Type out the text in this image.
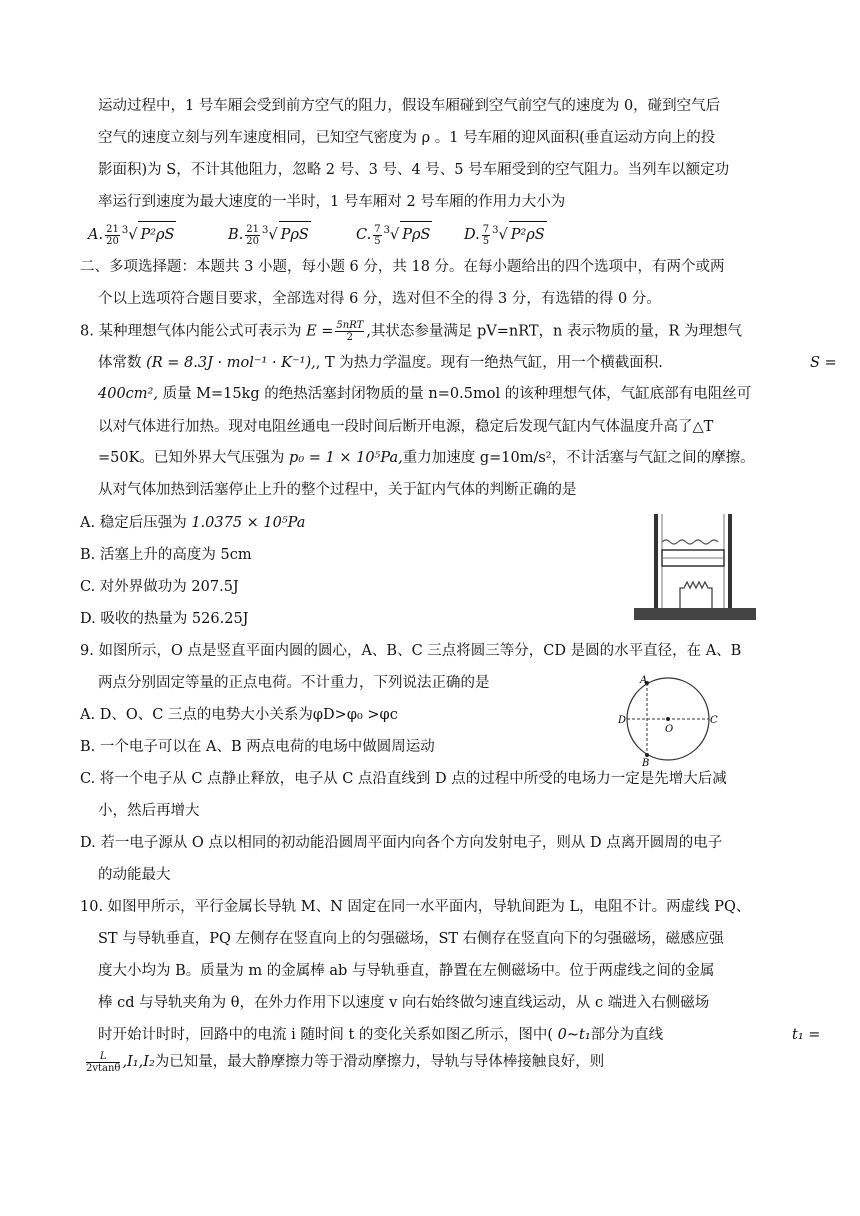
运动过程中，1 号车厢会受到前方空气的阻力，假设车厢碰到空气前空气的速度为 0，碰到空气后
空气的速度立刻与列车速度相同，已知空气密度为 ρ 。1 号车厢的迎风面积(垂直运动方向上的投
影面积)为 S，不计其他阻力，忽略 2 号、3 号、4 号、5 号车厢受到的空气阻力。当列车以额定功
率运行到速度为最大速度的一半时，1 号车厢对 2 号车厢的作用力大小为
A. $\frac{21}{20} ^3√$ P²ρS	B. $\frac{21}{20} ^3√$ PρS	C. $\frac{7}{5} ^3√$ PρS D. $\frac{7}{5} ^3√$ P²ρS
二、多项选择题：本题共 3 小题，每小题 6 分，共 18 分。在每小题给出的四个选项中，有两个或两
个以上选项符合题目要求，全部选对得 6 分，选对但不全的得 3 分，有选错的得 0 分。
8. 某种理想气体内能公式可表示为 $E = \frac{\text{5nRT}}{2}$ ,其状态参量满足 pV=nRT，n 表示物质的量，R 为理想气
体常数 (R = 8.3J · mol⁻¹ · K⁻¹),, T 为热力学温度。现有一绝热气缸，用一个横截面积.	S =
400cm², 质量 M=15kg 的绝热活塞封闭物质的量 n=0.5mol 的该种理想气体，气缸底部有电阻丝可
以对气体进行加热。现对电阻丝通电一段时间后断开电源，稳定后发现气缸内气体温度升高了△T
=50K。已知外界大气压强为 p₀ = 1 × 10⁵Pa,重力加速度 g=10m/s²，不计活塞与气缸之间的摩擦。
从对气体加热到活塞停止上升的整个过程中，关于缸内气体的判断正确的是
A. 稳定后压强为 1.0375 × 10⁵Pa
B. 活塞上升的高度为 5cm
C. 对外界做功为 207.5J
D. 吸收的热量为 526.25J
9. 如图所示，O 点是竖直平面内圆的圆心，A、B、C 三点将圆三等分，CD 是圆的水平直径，在 A、B
两点分别固定等量的正点电荷。不计重力，下列说法正确的是
A. D、O、C 三点的电势大小关系为φD>φ₀ >φc
B. 一个电子可以在 A、B 两点电荷的电场中做圆周运动
C. 将一个电子从 C 点静止释放，电子从 C 点沿直线到 D 点的过程中所受的电场力一定是先增大后减
小，然后再增大
D. 若一电子源从 O 点以相同的初动能沿圆周平面内向各个方向发射电子，则从 D 点离开圆周的电子
的动能最大
A
B
C
D
O
10. 如图甲所示，平行金属长导轨 M、N 固定在同一水平面内，导轨间距为 L，电阻不计。两虚线 PQ、
ST 与导轨垂直，PQ 左侧存在竖直向上的匀强磁场，ST 右侧存在竖直向下的匀强磁场，磁感应强
度大小均为 B。质量为 m 的金属棒 ab 与导轨垂直，静置在左侧磁场中。位于两虚线之间的金属
棒 cd 与导轨夹角为 θ，在外力作用下以速度 v 向右始终做匀速直线运动，从 c 端进入右侧磁场
时开始计时时，回路中的电流 i 随时间 t 的变化关系如图乙所示，图中( 0~t₁部分为直线	t₁ =
$\frac{L}{2vtan\theta} ,I_1,I_2$为已知量，最大静摩擦力等于滑动摩擦力，导轨与导体棒接触良好，则
